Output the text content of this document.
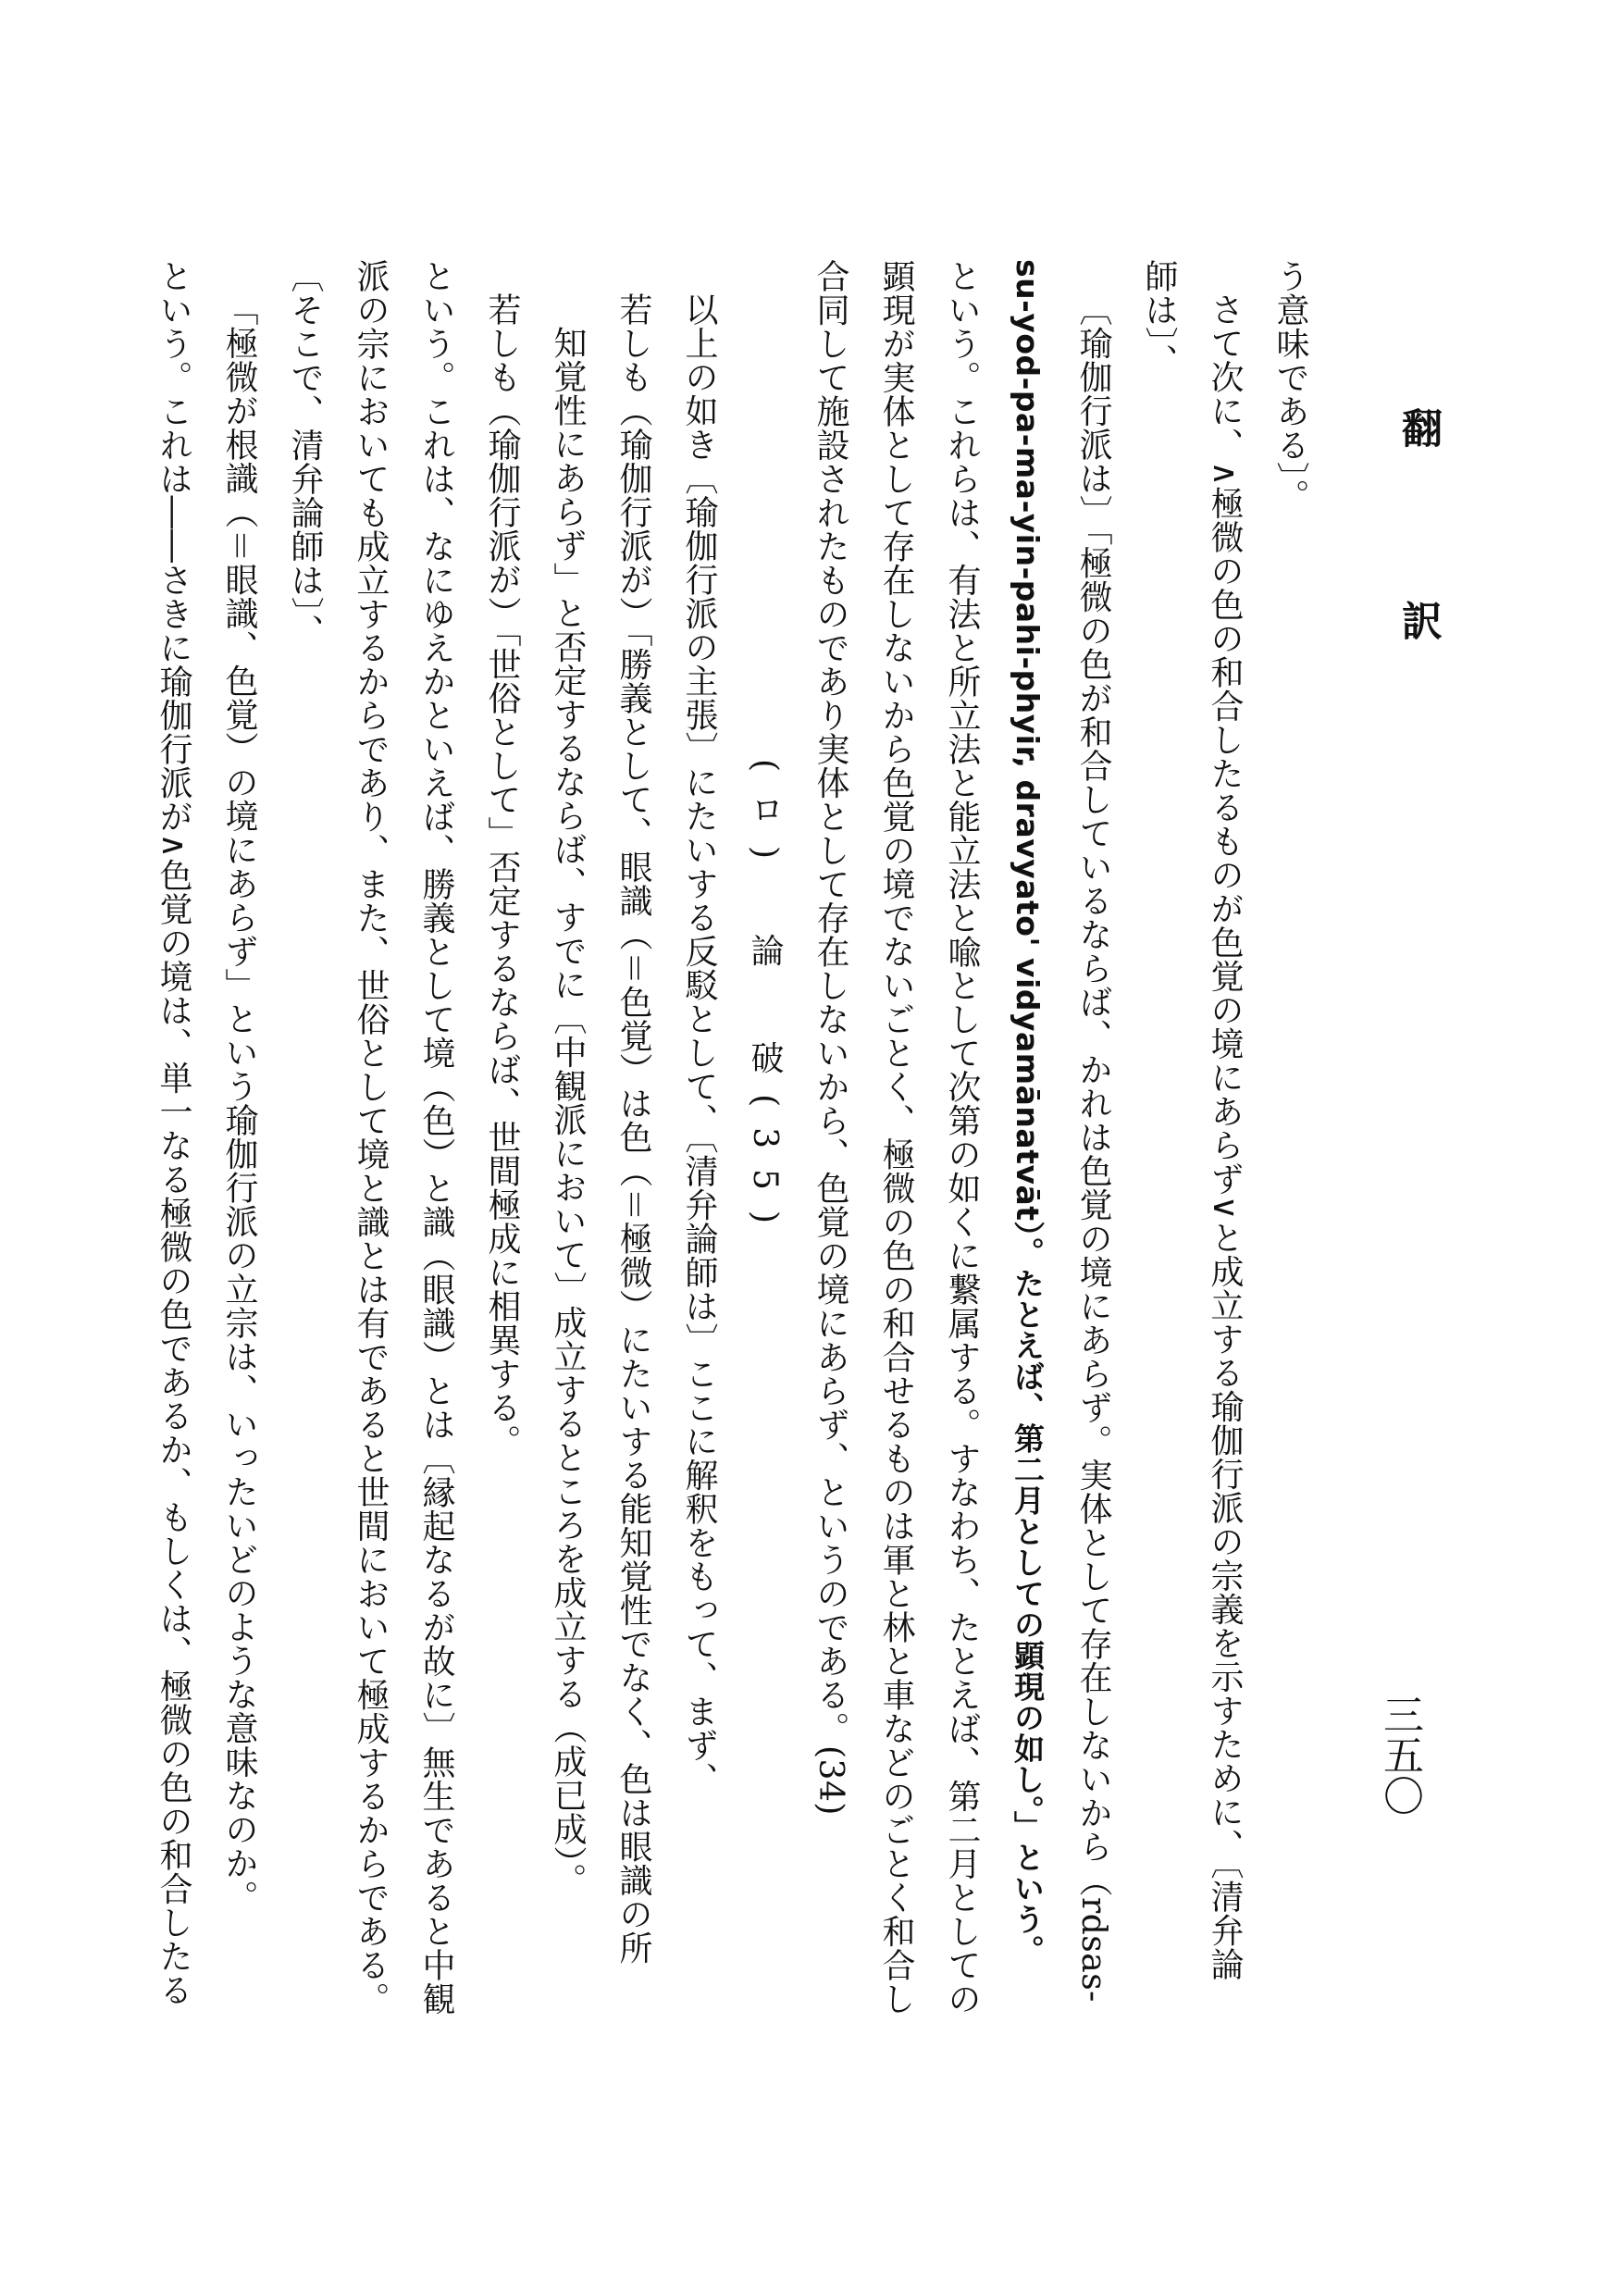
翻　訳
三五〇
う意味である〕。
さて次に、∧極微の色の和合したるものが色覚の境にあらず∨と成立する瑜伽行派の宗義を示すために、〔清弁論
師は〕、
〔瑜伽行派は〕「極微の色が和合しているならば、かれは色覚の境にあらず。実体として存在しないから（rdsas-
su-yod-pa-ma-yin-pahi-phyir, dravyato' vidyamānatvāt）。たとえば、第二月としての顕現の如し。」という。
という。これらは、有法と所立法と能立法と喩として次第の如くに繋属する。すなわち、たとえば、第二月としての
顕現が実体として存在しないから色覚の境でないごとく、極微の色の和合せるものは軍と林と車などのごとく和合し
合同して施設されたものであり実体として存在しないから、色覚の境にあらず、というのである。(34)
(ロ)　論　破(35)
以上の如き〔瑜伽行派の主張〕にたいする反駁として、〔清弁論師は〕ここに解釈をもって、まず、
若しも（瑜伽行派が）「勝義として、眼識（＝色覚）は色（＝極微）にたいする能知覚性でなく、色は眼識の所
知覚性にあらず」と否定するならば、すでに〔中観派において〕成立するところを成立する（成已成）。
若しも（瑜伽行派が）「世俗として」否定するならば、世間極成に相異する。
という。これは、なにゆえかといえば、勝義として境（色）と識（眼識）とは〔縁起なるが故に〕無生であると中観
派の宗においても成立するからであり、また、世俗として境と識とは有であると世間において極成するからである。
〔そこで、清弁論師は〕、
「極微が根識（＝眼識、色覚）の境にあらず」という瑜伽行派の立宗は、いったいどのような意味なのか。
という。これは――さきに瑜伽行派が∧色覚の境は、単一なる極微の色であるか、もしくは、極微の色の和合したる
